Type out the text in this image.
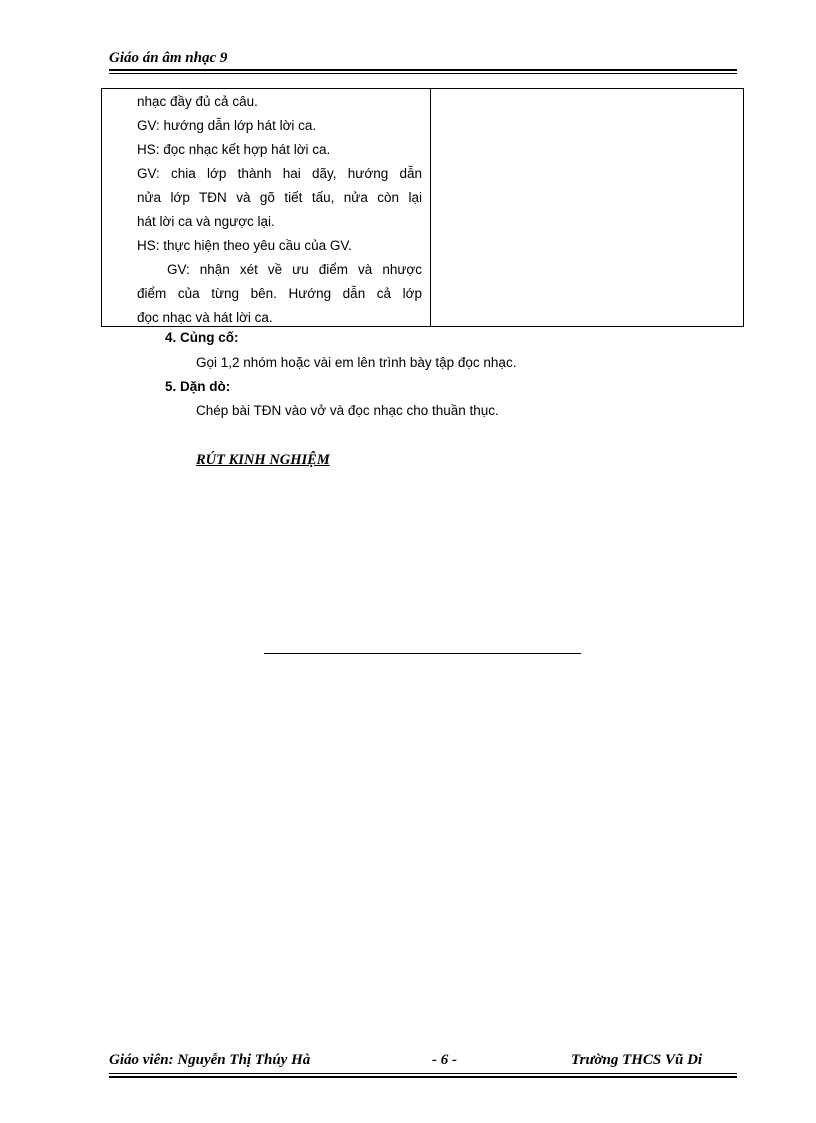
Giáo án âm nhạc 9
nhạc đầy đủ cả câu.
GV: hướng dẫn lớp hát lời ca.
HS: đọc nhạc kết hợp hát lời ca.
GV: chia lớp thành hai dãy, hướng dẫn
nửa lớp TĐN và gõ tiết tấu, nửa còn lại
hát lời ca và ngược lại.
HS: thực hiện theo yêu cầu của GV.
GV: nhận xét về ưu điểm và nhược
điểm của từng bên. Hướng dẫn cả lớp
đọc nhạc và hát lời ca.
4. Củng cố:
Gọi 1,2 nhóm hoặc vài em lên trình bày tập đọc nhạc.
5. Dặn dò:
Chép bài TĐN vào vở và đọc nhạc cho thuần thục.
RÚT KINH NGHIỆM
Giáo viên: Nguyễn Thị Thúy Hà	- 6 -	Trường THCS Vũ Di
